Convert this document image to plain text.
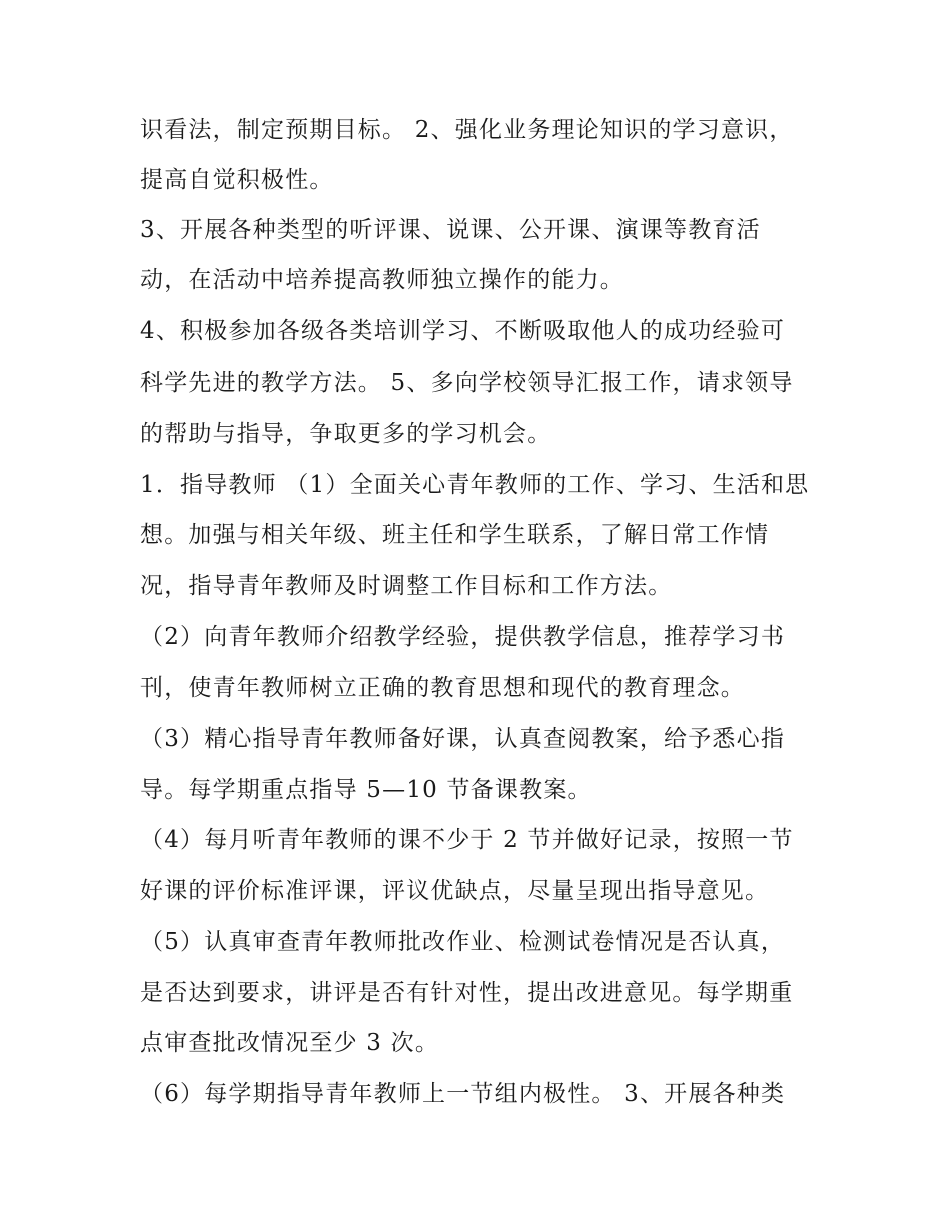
识看法，制定预期目标。 2、强化业务理论知识的学习意识，
提高自觉积极性。
3、开展各种类型的听评课、说课、公开课、演课等教育活
动，在活动中培养提高教师独立操作的能力。
4、积极参加各级各类培训学习、不断吸取他人的成功经验可
科学先进的教学方法。 5、多向学校领导汇报工作，请求领导
的帮助与指导，争取更多的学习机会。
1．指导教师 （1）全面关心青年教师的工作、学习、生活和思
想。加强与相关年级、班主任和学生联系，了解日常工作情
况，指导青年教师及时调整工作目标和工作方法。
（2）向青年教师介绍教学经验，提供教学信息，推荐学习书
刊，使青年教师树立正确的教育思想和现代的教育理念。
（3）精心指导青年教师备好课，认真查阅教案，给予悉心指
导。每学期重点指导 5—10 节备课教案。
（4）每月听青年教师的课不少于 2 节并做好记录，按照一节
好课的评价标准评课，评议优缺点，尽量呈现出指导意见。
（5）认真审查青年教师批改作业、检测试卷情况是否认真，
是否达到要求，讲评是否有针对性，提出改进意见。每学期重
点审查批改情况至少 3 次。
（6）每学期指导青年教师上一节组内极性。 3、开展各种类
